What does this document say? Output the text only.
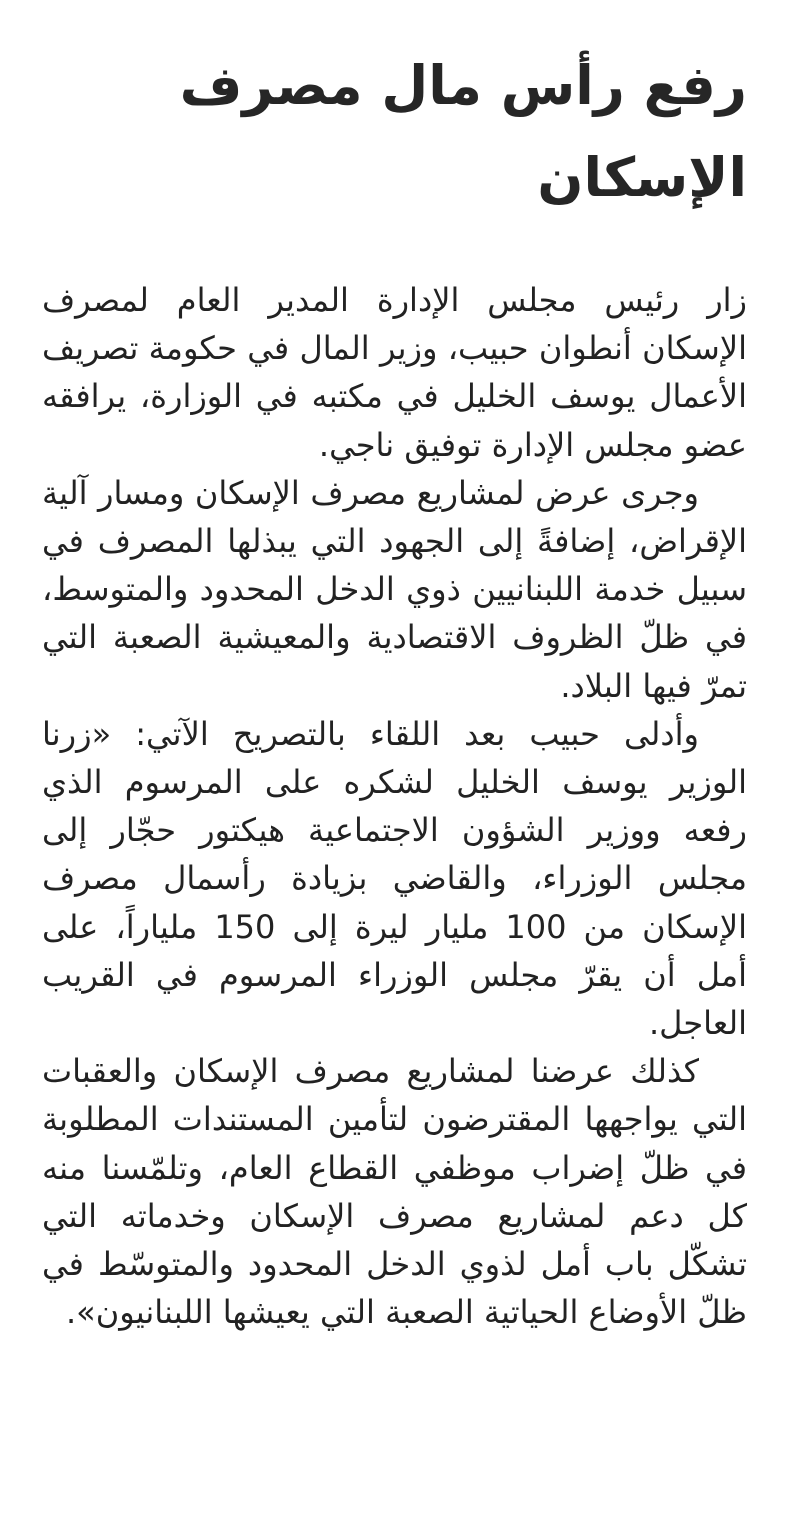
رفع رأس مال مصرف الإسكان

زار رئيس مجلس الإدارة المدير العام لمصرف الإسكان أنطوان حبيب، وزير المال في حكومة تصريف الأعمال يوسف الخليل في مكتبه في الوزارة، يرافقه عضو مجلس الإدارة توفيق ناجي.

وجرى عرض لمشاريع مصرف الإسكان ومسار آلية الإقراض، إضافةً إلى الجهود التي يبذلها المصرف في سبيل خدمة اللبنانيين ذوي الدخل المحدود والمتوسط، في ظلّ الظروف الاقتصادية والمعيشية الصعبة التي تمرّ فيها البلاد.

وأدلى حبيب بعد اللقاء بالتصريح الآتي: «زرنا الوزير يوسف الخليل لشكره على المرسوم الذي رفعه ووزير الشؤون الاجتماعية هيكتور حجّار إلى مجلس الوزراء، والقاضي بزيادة رأسمال مصرف الإسكان من 100 مليار ليرة إلى 150 ملياراً، على أمل أن يقرّ مجلس الوزراء المرسوم في القريب العاجل.

كذلك عرضنا لمشاريع مصرف الإسكان والعقبات التي يواجهها المقترضون لتأمين المستندات المطلوبة في ظلّ إضراب موظفي القطاع العام، وتلمّسنا منه كل دعم لمشاريع مصرف الإسكان وخدماته التي تشكّل باب أمل لذوي الدخل المحدود والمتوسّط في ظلّ الأوضاع الحياتية الصعبة التي يعيشها اللبنانيون».
